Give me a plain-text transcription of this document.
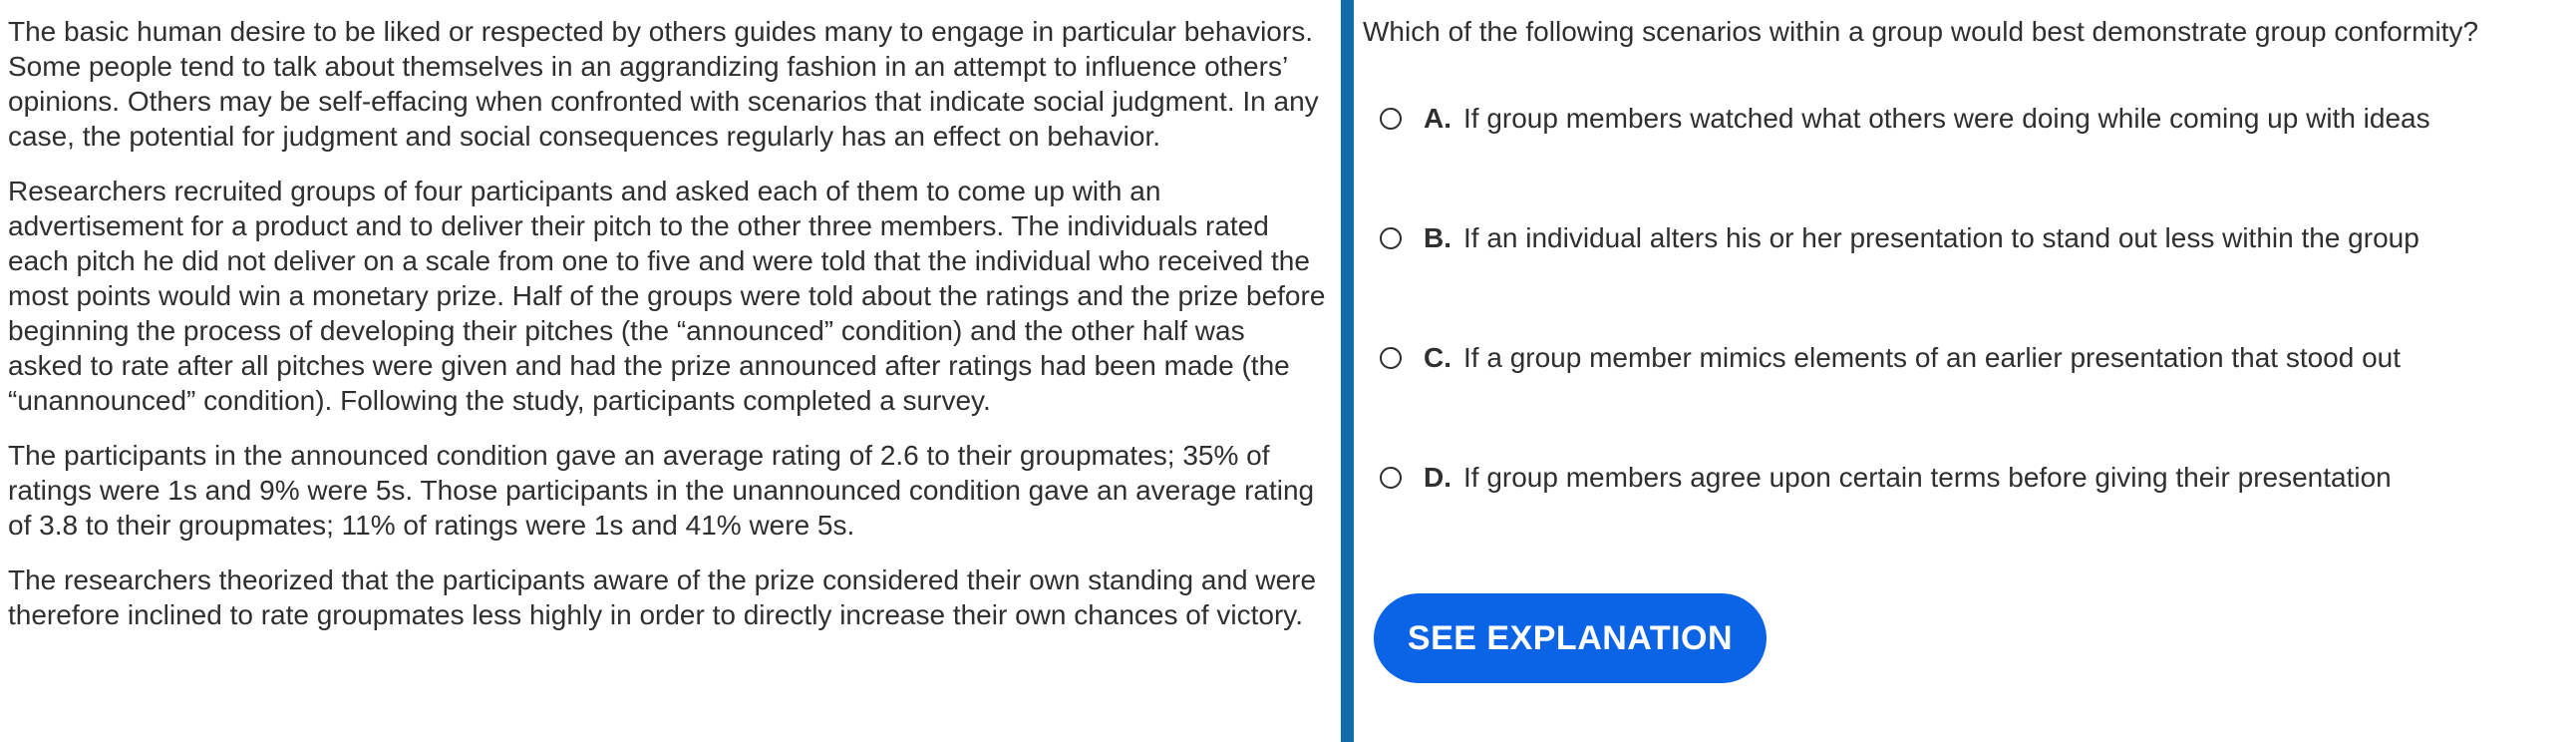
The basic human desire to be liked or respected by others guides many to engage in particular behaviors. Some people tend to talk about themselves in an aggrandizing fashion in an attempt to influence others’ opinions. Others may be self-effacing when confronted with scenarios that indicate social judgment. In any case, the potential for judgment and social consequences regularly has an effect on behavior.

Researchers recruited groups of four participants and asked each of them to come up with an advertisement for a product and to deliver their pitch to the other three members. The individuals rated each pitch he did not deliver on a scale from one to five and were told that the individual who received the most points would win a monetary prize. Half of the groups were told about the ratings and the prize before beginning the process of developing their pitches (the “announced” condition) and the other half was asked to rate after all pitches were given and had the prize announced after ratings had been made (the “unannounced” condition). Following the study, participants completed a survey.

The participants in the announced condition gave an average rating of 2.6 to their groupmates; 35% of ratings were 1s and 9% were 5s. Those participants in the unannounced condition gave an average rating of 3.8 to their groupmates; 11% of ratings were 1s and 41% were 5s.

The researchers theorized that the participants aware of the prize considered their own standing and were therefore inclined to rate groupmates less highly in order to directly increase their own chances of victory.

Which of the following scenarios within a group would best demonstrate group conformity?

A. If group members watched what others were doing while coming up with ideas
B. If an individual alters his or her presentation to stand out less within the group
C. If a group member mimics elements of an earlier presentation that stood out
D. If group members agree upon certain terms before giving their presentation
SEE EXPLANATION
